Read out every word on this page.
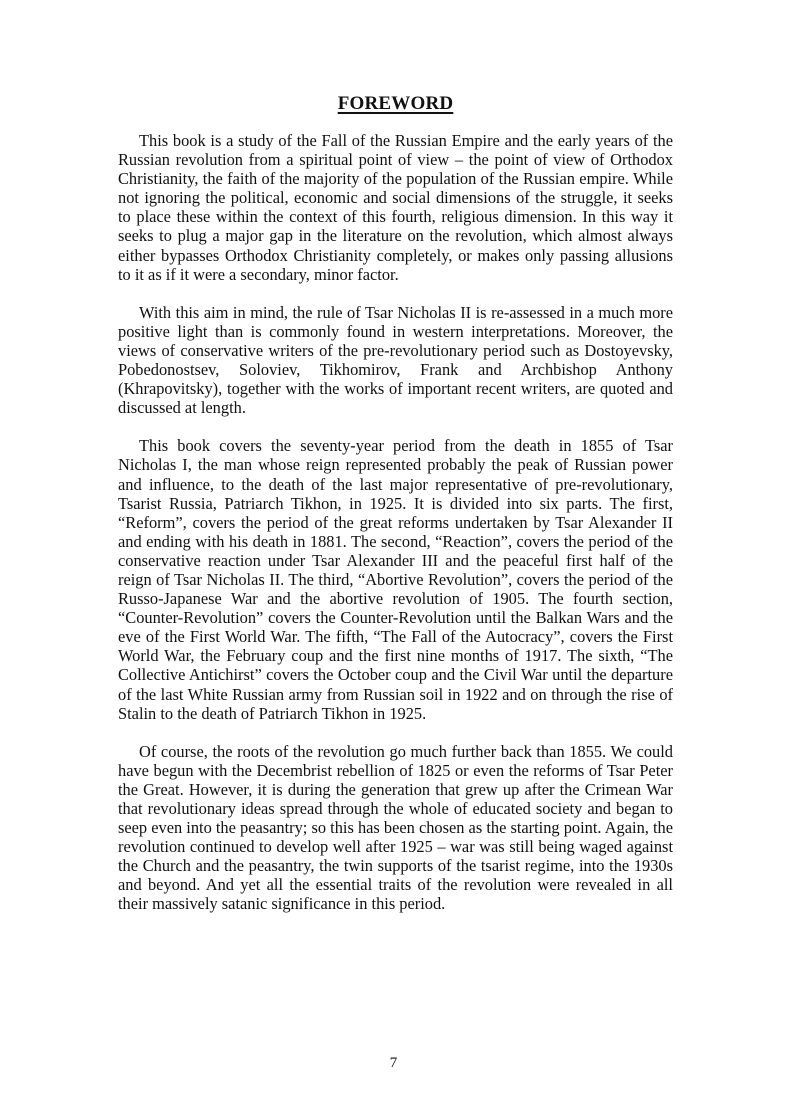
FOREWORD

This book is a study of the Fall of the Russian Empire and the early years of the Russian revolution from a spiritual point of view – the point of view of Orthodox Christianity, the faith of the majority of the population of the Russian empire. While not ignoring the political, economic and social dimensions of the struggle, it seeks to place these within the context of this fourth, religious dimension. In this way it seeks to plug a major gap in the literature on the revolution, which almost always either bypasses Orthodox Christianity completely, or makes only passing allusions to it as if it were a secondary, minor factor.

With this aim in mind, the rule of Tsar Nicholas II is re-assessed in a much more positive light than is commonly found in western interpretations. Moreover, the views of conservative writers of the pre-revolutionary period such as Dostoyevsky, Pobedonostsev, Soloviev, Tikhomirov, Frank and Archbishop Anthony (Khrapovitsky), together with the works of important recent writers, are quoted and discussed at length.

This book covers the seventy-year period from the death in 1855 of Tsar Nicholas I, the man whose reign represented probably the peak of Russian power and influence, to the death of the last major representative of pre-revolutionary, Tsarist Russia, Patriarch Tikhon, in 1925. It is divided into six parts. The first, “Reform”, covers the period of the great reforms undertaken by Tsar Alexander II and ending with his death in 1881. The second, “Reaction”, covers the period of the conservative reaction under Tsar Alexander III and the peaceful first half of the reign of Tsar Nicholas II. The third, “Abortive Revolution”, covers the period of the Russo-Japanese War and the abortive revolution of 1905. The fourth section, “Counter-Revolution” covers the Counter-Revolution until the Balkan Wars and the eve of the First World War. The fifth, “The Fall of the Autocracy”, covers the First World War, the February coup and the first nine months of 1917. The sixth, “The Collective Antichirst” covers the October coup and the Civil War until the departure of the last White Russian army from Russian soil in 1922 and on through the rise of Stalin to the death of Patriarch Tikhon in 1925.

Of course, the roots of the revolution go much further back than 1855. We could have begun with the Decembrist rebellion of 1825 or even the reforms of Tsar Peter the Great. However, it is during the generation that grew up after the Crimean War that revolutionary ideas spread through the whole of educated society and began to seep even into the peasantry; so this has been chosen as the starting point. Again, the revolution continued to develop well after 1925 – war was still being waged against the Church and the peasantry, the twin supports of the tsarist regime, into the 1930s and beyond. And yet all the essential traits of the revolution were revealed in all their massively satanic significance in this period.

7
